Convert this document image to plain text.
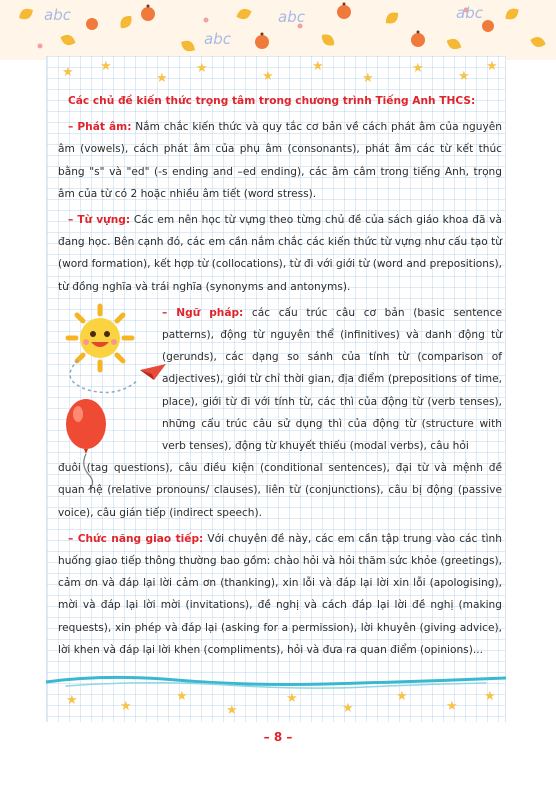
abc
abc
abc	abc
★ ★
★
★
★
★
★
★
★
★
★	★
★
★
★
★
★
★
★

Các chủ đề kiến thức trọng tâm trong chương trình Tiếng Anh THCS:

– Phát âm: Nắm chắc kiến thức và quy tắc cơ bản về cách phát âm của nguyên âm (vowels), cách phát âm của phụ âm (consonants), phát âm các từ kết thúc bằng "s" và "ed" (-s ending and –ed ending), các âm câm trong tiếng Anh, trọng âm của từ có 2 hoặc nhiều âm tiết (word stress).

– Từ vựng: Các em nên học từ vựng theo từng chủ đề của sách giáo khoa đã và đang học. Bên cạnh đó, các em cần nắm chắc các kiến thức từ vựng như cấu tạo từ (word formation), kết hợp từ (collocations), từ đi với giới từ (word and prepositions), từ đồng nghĩa và trái nghĩa (synonyms and antonyms).

– Ngữ pháp: các cấu trúc câu cơ bản (basic sentence patterns), động từ nguyên thể (infinitives) và danh động từ (gerunds), các dạng so sánh của tính từ (comparison of adjectives), giới từ chỉ thời gian, địa điểm (prepositions of time, place), giới từ đi với tính từ, các thì của động từ (verb tenses), những cấu trúc câu sử dụng thì của động từ (structure with verb tenses), động từ khuyết thiếu (modal verbs), câu hỏi

đuôi (tag questions), câu điều kiện (conditional sentences), đại từ và mệnh đề quan hệ (relative pronouns/ clauses), liên từ (conjunctions), câu bị động (passive voice), câu gián tiếp (indirect speech).

– Chức năng giao tiếp: Với chuyên đề này, các em cần tập trung vào các tình huống giao tiếp thông thường bao gồm: chào hỏi và hỏi thăm sức khỏe (greetings), cảm ơn và đáp lại lời cảm ơn (thanking), xin lỗi và đáp lại lời xin lỗi (apologising), mời và đáp lại lời mời (invitations), đề nghị và cách đáp lại lời đề nghị (making requests), xin phép và đáp lại (asking for a permission), lời khuyên (giving advice), lời khen và đáp lại lời khen (compliments), hỏi và đưa ra quan điểm (opinions)...

– 8 –
